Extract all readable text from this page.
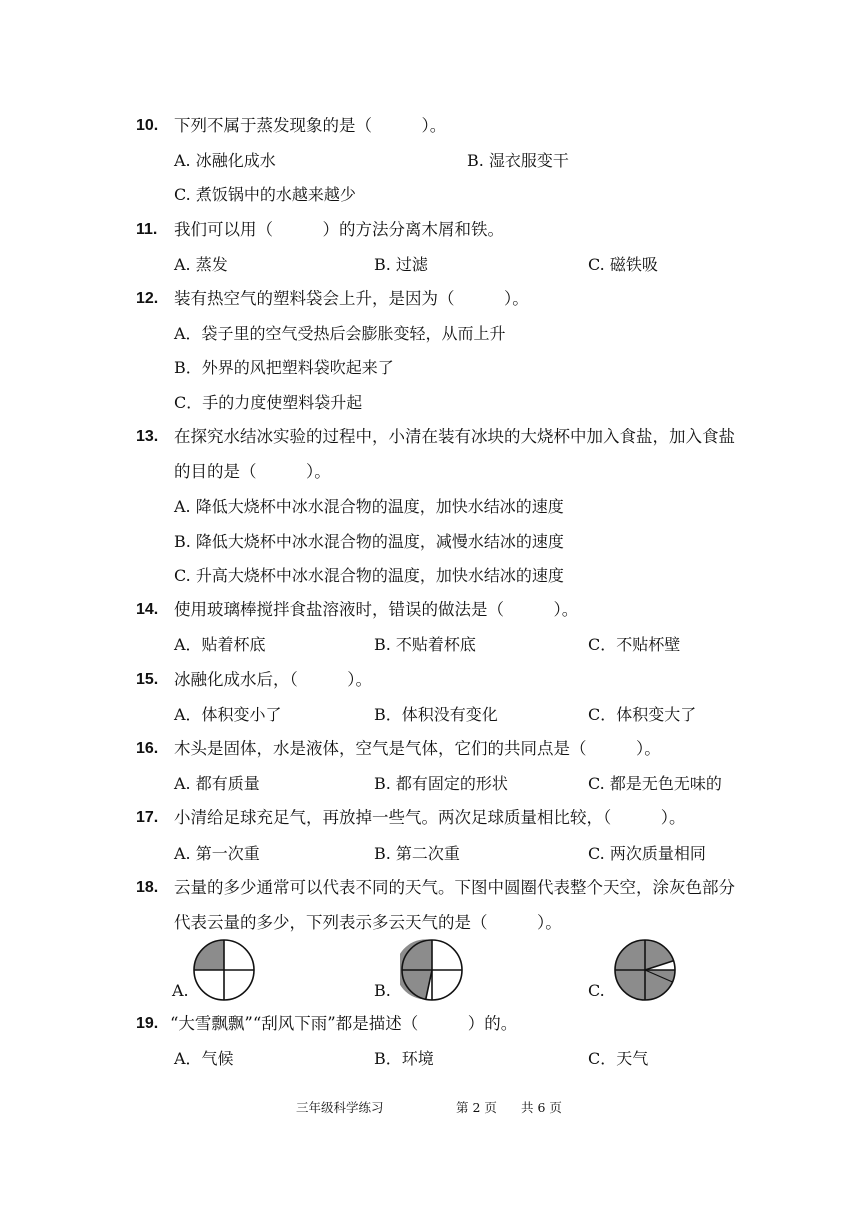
10. 下列不属于蒸发现象的是（　　　）。
A. 冰融化成水	B. 湿衣服变干
C. 煮饭锅中的水越来越少
11. 我们可以用（　　　）的方法分离木屑和铁。
A. 蒸发	B. 过滤	C. 磁铁吸
12. 装有热空气的塑料袋会上升，是因为（　　　）。
A．袋子里的空气受热后会膨胀变轻，从而上升
B．外界的风把塑料袋吹起来了
C．手的力度使塑料袋升起
13. 在探究水结冰实验的过程中，小清在装有冰块的大烧杯中加入食盐，加入食盐
的目的是（　　　）。
A. 降低大烧杯中冰水混合物的温度，加快水结冰的速度
B. 降低大烧杯中冰水混合物的温度，减慢水结冰的速度
C. 升高大烧杯中冰水混合物的温度，加快水结冰的速度
14. 使用玻璃棒搅拌食盐溶液时，错误的做法是（　　　）。
A．贴着杯底	B. 不贴着杯底	C．不贴杯壁
15. 冰融化成水后，（　　　）。
A．体积变小了	B．体积没有变化	C．体积变大了
16. 木头是固体，水是液体，空气是气体，它们的共同点是（　　　）。
A. 都有质量	B. 都有固定的形状	C. 都是无色无味的
17. 小清给足球充足气，再放掉一些气。两次足球质量相比较，（　　　）。
A. 第一次重	B. 第二次重	C. 两次质量相同
18. 云量的多少通常可以代表不同的天气。下图中圆圈代表整个天空，涂灰色部分
代表云量的多少，下列表示多云天气的是（　　　）。
A.	B.	C.
19. “大雪飘飘”“刮风下雨”都是描述（　　　）的。
A．气候	B．环境	C．天气
三年级科学练习	第 2 页 共 6 页
